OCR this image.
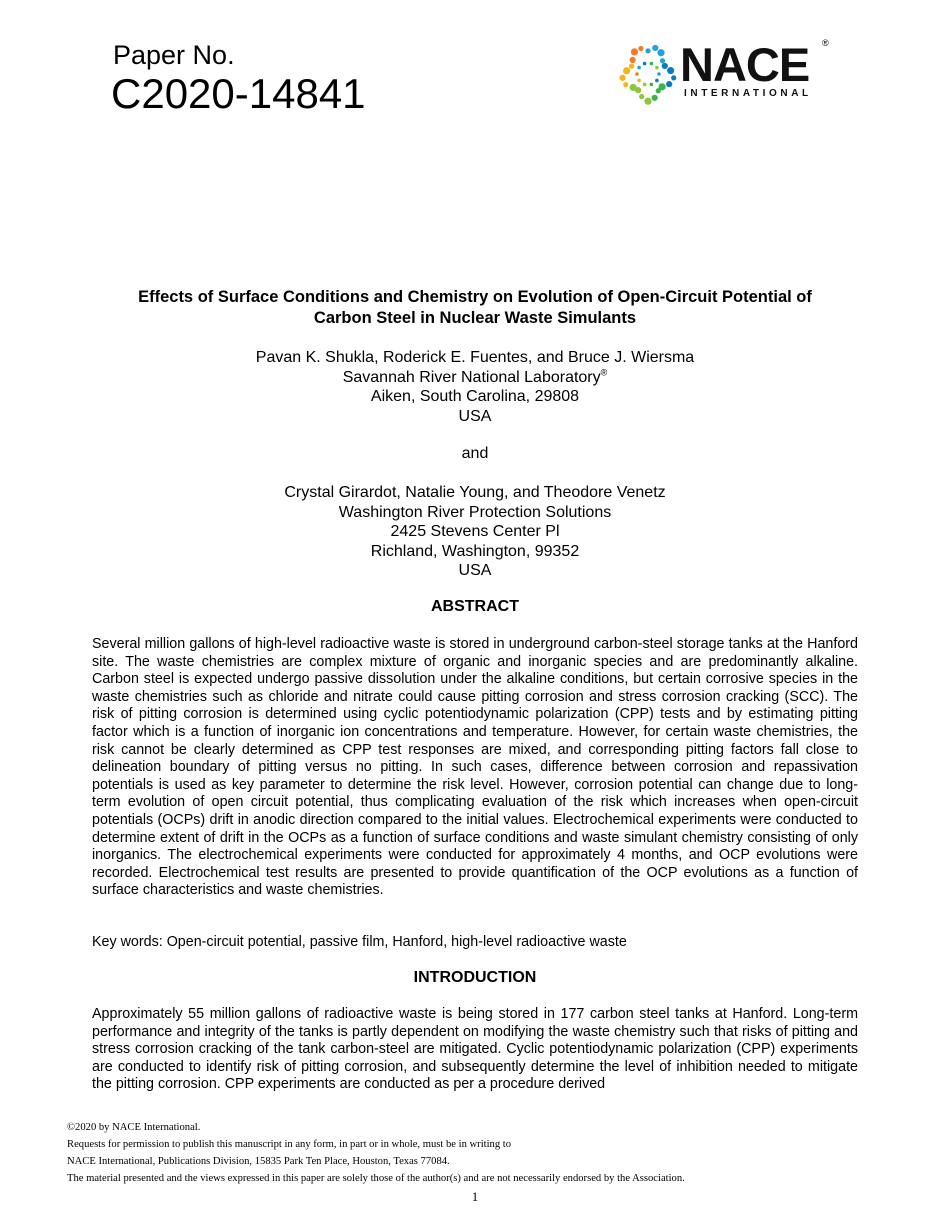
Paper No.
C2020-14841
NACE ®
INTERNATIONAL
Effects of Surface Conditions and Chemistry on Evolution of Open-Circuit Potential of
Carbon Steel in Nuclear Waste Simulants
Pavan K. Shukla, Roderick E. Fuentes, and Bruce J. Wiersma
Savannah River National Laboratory®
Aiken, South Carolina, 29808
USA
and
Crystal Girardot, Natalie Young, and Theodore Venetz
Washington River Protection Solutions
2425 Stevens Center Pl
Richland, Washington, 99352
USA
ABSTRACT

Several million gallons of high-level radioactive waste is stored in underground carbon-steel storage tanks at the Hanford site. The waste chemistries are complex mixture of organic and inorganic species and are predominantly alkaline. Carbon steel is expected undergo passive dissolution under the alkaline conditions, but certain corrosive species in the waste chemistries such as chloride and nitrate could cause pitting corrosion and stress corrosion cracking (SCC). The risk of pitting corrosion is determined using cyclic potentiodynamic polarization (CPP) tests and by estimating pitting factor which is a function of inorganic ion concentrations and temperature. However, for certain waste chemistries, the risk cannot be clearly determined as CPP test responses are mixed, and corresponding pitting factors fall close to delineation boundary of pitting versus no pitting. In such cases, difference between corrosion and repassivation potentials is used as key parameter to determine the risk level. However, corrosion potential can change due to long-term evolution of open circuit potential, thus complicating evaluation of the risk which increases when open-circuit potentials (OCPs) drift in anodic direction compared to the initial values. Electrochemical experiments were conducted to determine extent of drift in the OCPs as a function of surface conditions and waste simulant chemistry consisting of only inorganics. The electrochemical experiments were conducted for approximately 4 months, and OCP evolutions were recorded. Electrochemical test results are presented to provide quantification of the OCP evolutions as a function of surface characteristics and waste chemistries.

Key words: Open-circuit potential, passive film, Hanford, high-level radioactive waste

INTRODUCTION

Approximately 55 million gallons of radioactive waste is being stored in 177 carbon steel tanks at Hanford. Long-term performance and integrity of the tanks is partly dependent on modifying the waste chemistry such that risks of pitting and stress corrosion cracking of the tank carbon-steel are mitigated. Cyclic potentiodynamic polarization (CPP) experiments are conducted to identify risk of pitting corrosion, and subsequently determine the level of inhibition needed to mitigate the pitting corrosion. CPP experiments are conducted as per a procedure derived

©2020 by NACE International.
Requests for permission to publish this manuscript in any form, in part or in whole, must be in writing to
NACE International, Publications Division, 15835 Park Ten Place, Houston, Texas 77084.
The material presented and the views expressed in this paper are solely those of the author(s) and are not necessarily endorsed by the Association.
1
